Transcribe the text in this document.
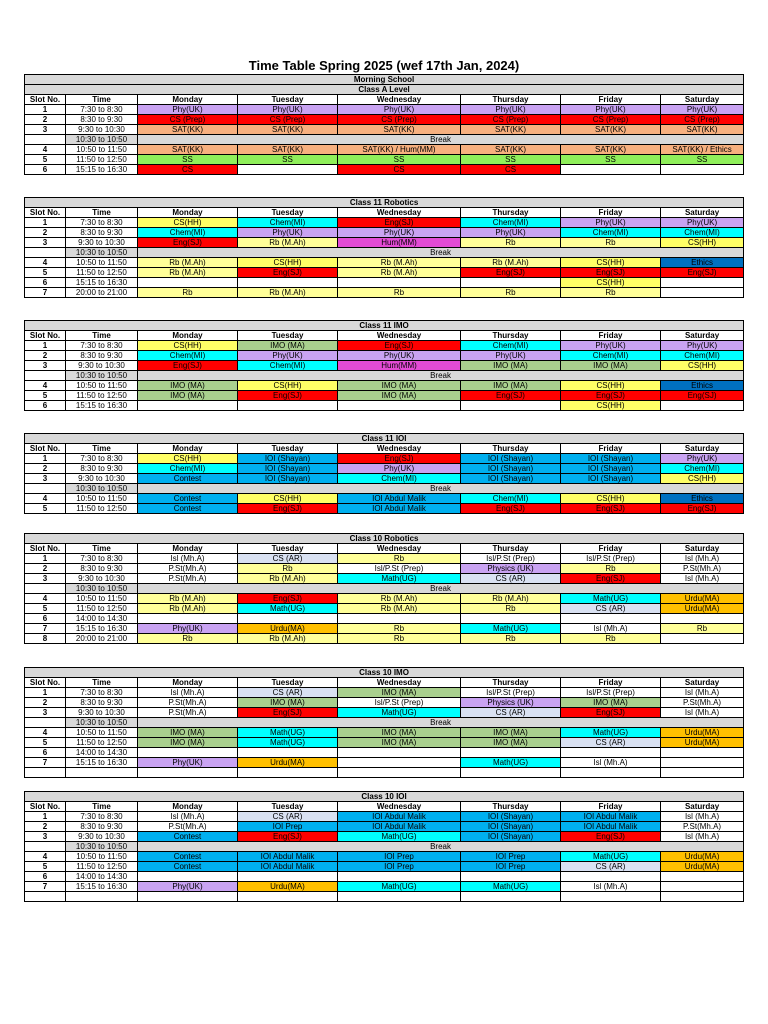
Time Table Spring 2025 (wef 17th Jan, 2024)
Morning School							
Class A Level							
Slot No.	Time	Monday	Tuesday	Wednesday	Thursday	Friday	Saturday
1	7:30 to 8:30	Phy(UK)	Phy(UK)	Phy(UK)	Phy(UK)	Phy(UK)	Phy(UK)
2	8:30 to 9:30	CS (Prep)	CS (Prep)	CS (Prep)	CS (Prep)	CS (Prep)	CS (Prep)
3	9:30 to 10:30	SAT(KK)	SAT(KK)	SAT(KK)	SAT(KK)	SAT(KK)	SAT(KK)
	10:30 to 10:50	Break					
4	10:50 to 11:50	SAT(KK)	SAT(KK)	SAT(KK) / Hum(MM)	SAT(KK)	SAT(KK)	SAT(KK) / Ethics
5	11:50 to 12:50	SS	SS	SS	SS	SS	SS
6	15:15 to 16:30	CS		CS	CS		
Class 11 Robotics							
Slot No.	Time	Monday	Tuesday	Wednesday	Thursday	Friday	Saturday
1	7:30 to 8:30	CS(HH)	Chem(MI)	Eng(SJ)	Chem(MI)	Phy(UK)	Phy(UK)
2	8:30 to 9:30	Chem(MI)	Phy(UK)	Phy(UK)	Phy(UK)	Chem(MI)	Chem(MI)
3	9:30 to 10:30	Eng(SJ)	Rb (M.Ah)	Hum(MM)	Rb	Rb	CS(HH)
	10:30 to 10:50	Break					
4	10:50 to 11:50	Rb (M.Ah)	CS(HH)	Rb (M.Ah)	Rb (M.Ah)	CS(HH)	Ethics
5	11:50 to 12:50	Rb (M.Ah)	Eng(SJ)	Rb (M.Ah)	Eng(SJ)	Eng(SJ)	Eng(SJ)
6	15:15 to 16:30					CS(HH)	
7	20:00 to 21:00	Rb	Rb (M.Ah)	Rb	Rb	Rb	
Class 11 IMO							
Slot No.	Time	Monday	Tuesday	Wednesday	Thursday	Friday	Saturday
1	7:30 to 8:30	CS(HH)	IMO (MA)	Eng(SJ)	Chem(MI)	Phy(UK)	Phy(UK)
2	8:30 to 9:30	Chem(MI)	Phy(UK)	Phy(UK)	Phy(UK)	Chem(MI)	Chem(MI)
3	9:30 to 10:30	Eng(SJ)	Chem(MI)	Hum(MM)	IMO (MA)	IMO (MA)	CS(HH)
	10:30 to 10:50	Break					
4	10:50 to 11:50	IMO (MA)	CS(HH)	IMO (MA)	IMO (MA)	CS(HH)	Ethics
5	11:50 to 12:50	IMO (MA)	Eng(SJ)	IMO (MA)	Eng(SJ)	Eng(SJ)	Eng(SJ)
6	15:15 to 16:30					CS(HH)	
Class 11 IOI							
Slot No.	Time	Monday	Tuesday	Wednesday	Thursday	Friday	Saturday
1	7:30 to 8:30	CS(HH)	IOI (Shayan)	Eng(SJ)	IOI (Shayan)	IOI (Shayan)	Phy(UK)
2	8:30 to 9:30	Chem(MI)	IOI (Shayan)	Phy(UK)	IOI (Shayan)	IOI (Shayan)	Chem(MI)
3	9:30 to 10:30	Contest	IOI (Shayan)	Chem(MI)	IOI (Shayan)	IOI (Shayan)	CS(HH)
	10:30 to 10:50	Break					
4	10:50 to 11:50	Contest	CS(HH)	IOI Abdul Malik	Chem(MI)	CS(HH)	Ethics
5	11:50 to 12:50	Contest	Eng(SJ)	IOI Abdul Malik	Eng(SJ)	Eng(SJ)	Eng(SJ)
Class 10 Robotics							
Slot No.	Time	Monday	Tuesday	Wednesday	Thursday	Friday	Saturday
1	7:30 to 8:30	Isl (Mh.A)	CS (AR)	Rb	Isl/P.St (Prep)	Isl/P.St (Prep)	Isl (Mh.A)
2	8:30 to 9:30	P.St(Mh.A)	Rb	Isl/P.St (Prep)	Physics (UK)	Rb	P.St(Mh.A)
3	9:30 to 10:30	P.St(Mh.A)	Rb (M.Ah)	Math(UG)	CS (AR)	Eng(SJ)	Isl (Mh.A)
	10:30 to 10:50	Break					
4	10:50 to 11:50	Rb (M.Ah)	Eng(SJ)	Rb (M.Ah)	Rb (M.Ah)	Math(UG)	Urdu(MA)
5	11:50 to 12:50	Rb (M.Ah)	Math(UG)	Rb (M.Ah)	Rb	CS (AR)	Urdu(MA)
6	14:00 to 14:30						
7	15:15 to 16:30	Phy(UK)	Urdu(MA)	Rb	Math(UG)	Isl (Mh.A)	Rb
8	20:00 to 21:00	Rb	Rb (M.Ah)	Rb	Rb	Rb	
Class 10 IMO							
Slot No.	Time	Monday	Tuesday	Wednesday	Thursday	Friday	Saturday
1	7:30 to 8:30	Isl (Mh.A)	CS (AR)	IMO (MA)	Isl/P.St (Prep)	Isl/P.St (Prep)	Isl (Mh.A)
2	8:30 to 9:30	P.St(Mh.A)	IMO (MA)	Isl/P.St (Prep)	Physics (UK)	IMO (MA)	P.St(Mh.A)
3	9:30 to 10:30	P.St(Mh.A)	Eng(SJ)	Math(UG)	CS (AR)	Eng(SJ)	Isl (Mh.A)
	10:30 to 10:50	Break					
4	10:50 to 11:50	IMO (MA)	Math(UG)	IMO (MA)	IMO (MA)	Math(UG)	Urdu(MA)
5	11:50 to 12:50	IMO (MA)	Math(UG)	IMO (MA)	IMO (MA)	CS (AR)	Urdu(MA)
6	14:00 to 14:30						
7	15:15 to 16:30	Phy(UK)	Urdu(MA)		Math(UG)	Isl (Mh.A)	

Class 10 IOI							
Slot No.	Time	Monday	Tuesday	Wednesday	Thursday	Friday	Saturday
1	7:30 to 8:30	Isl (Mh.A)	CS (AR)	IOI Abdul Malik	IOI (Shayan)	IOI Abdul Malik	Isl (Mh.A)
2	8:30 to 9:30	P.St(Mh.A)	IOI Prep	IOI Abdul Malik	IOI (Shayan)	IOI Abdul Malik	P.St(Mh.A)
3	9:30 to 10:30	Contest	Eng(SJ)	Math(UG)	IOI (Shayan)	Eng(SJ)	Isl (Mh.A)
	10:30 to 10:50	Break					
4	10:50 to 11:50	Contest	IOI Abdul Malik	IOI Prep	IOI Prep	Math(UG)	Urdu(MA)
5	11:50 to 12:50	Contest	IOI Abdul Malik	IOI Prep	IOI Prep	CS (AR)	Urdu(MA)
6	14:00 to 14:30						
7	15:15 to 16:30	Phy(UK)	Urdu(MA)	Math(UG)	Math(UG)	Isl (Mh.A)	
